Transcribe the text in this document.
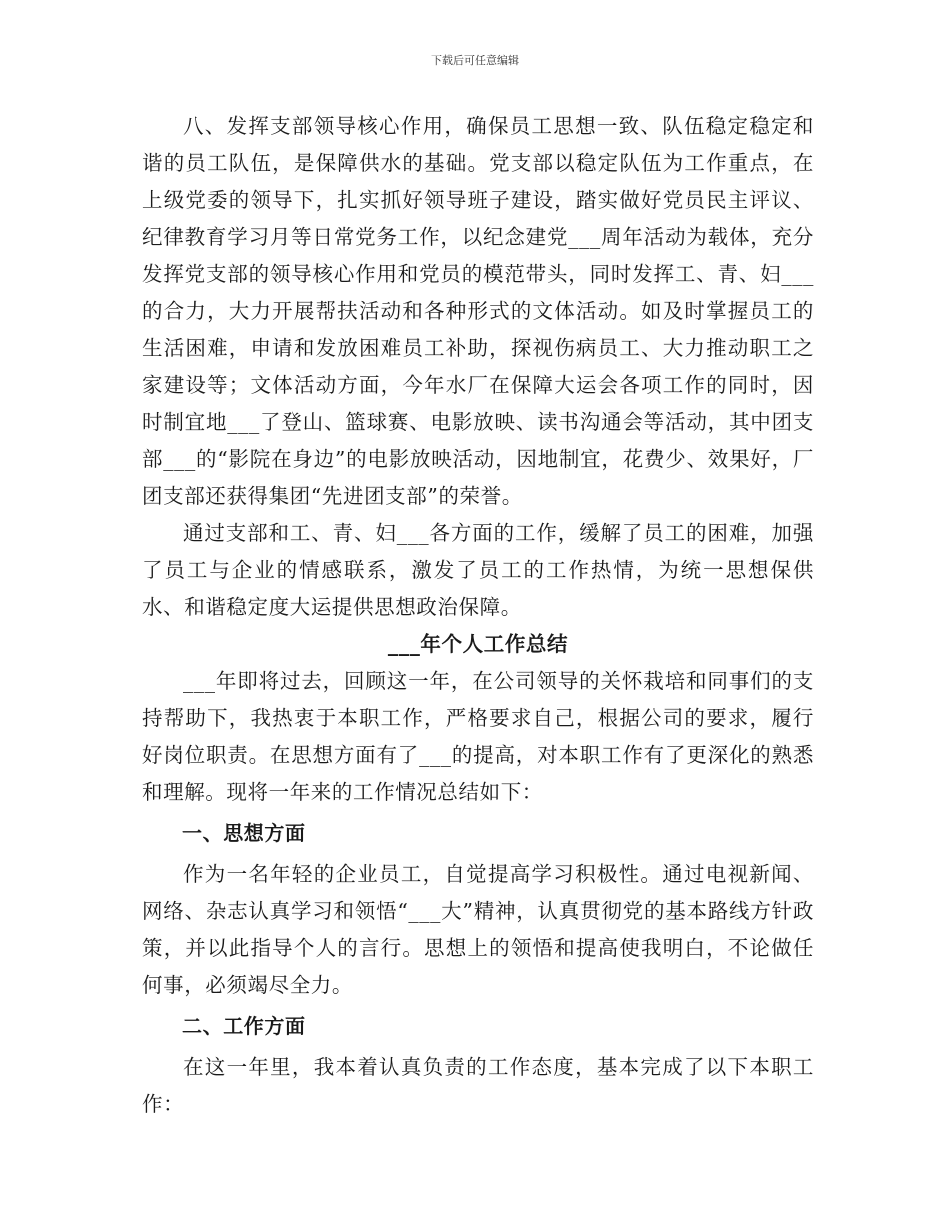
下载后可任意编辑

八、发挥支部领导核心作用，确保员工思想一致、队伍稳定稳定和谐的员工队伍，是保障供水的基础。党支部以稳定队伍为工作重点，在上级党委的领导下，扎实抓好领导班子建设，踏实做好党员民主评议、纪律教育学习月等日常党务工作，以纪念建党___周年活动为载体，充分发挥党支部的领导核心作用和党员的模范带头，同时发挥工、青、妇___的合力，大力开展帮扶活动和各种形式的文体活动。如及时掌握员工的生活困难，申请和发放困难员工补助，探视伤病员工、大力推动职工之家建设等；文体活动方面，今年水厂在保障大运会各项工作的同时，因时制宜地___了登山、篮球赛、电影放映、读书沟通会等活动，其中团支部___的“影院在身边”的电影放映活动，因地制宜，花费少、效果好，厂团支部还获得集团“先进团支部”的荣誉。

通过支部和工、青、妇___各方面的工作，缓解了员工的困难，加强了员工与企业的情感联系，激发了员工的工作热情，为统一思想保供水、和谐稳定度大运提供思想政治保障。

___年个人工作总结

___年即将过去，回顾这一年，在公司领导的关怀栽培和同事们的支持帮助下，我热衷于本职工作，严格要求自己，根据公司的要求，履行好岗位职责。在思想方面有了___的提高，对本职工作有了更深化的熟悉和理解。现将一年来的工作情况总结如下：

一、思想方面

作为一名年轻的企业员工，自觉提高学习积极性。通过电视新闻、网络、杂志认真学习和领悟“___大”精神，认真贯彻党的基本路线方针政策，并以此指导个人的言行。思想上的领悟和提高使我明白，不论做任何事，必须竭尽全力。

二、工作方面

在这一年里，我本着认真负责的工作态度，基本完成了以下本职工作：
